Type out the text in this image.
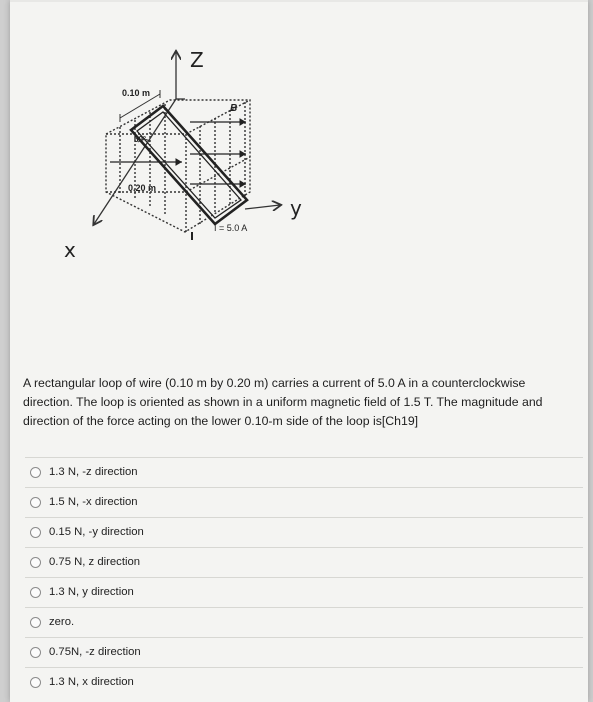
Z
y
x
0.10 m
0.20 m
60°
B
I = 5.0 A
A rectangular loop of wire (0.10 m by 0.20 m) carries a current of 5.0 A in a counterclockwise direction. The loop is oriented as shown in a uniform magnetic field of 1.5 T. The magnitude and direction of the force acting on the lower 0.10-m side of the loop is[Ch19]
1.3 N, -z direction
1.5 N, -x direction
0.15 N, -y direction
0.75 N, z direction
1.3 N, y direction
zero.
0.75N, -z direction
1.3 N, x direction
